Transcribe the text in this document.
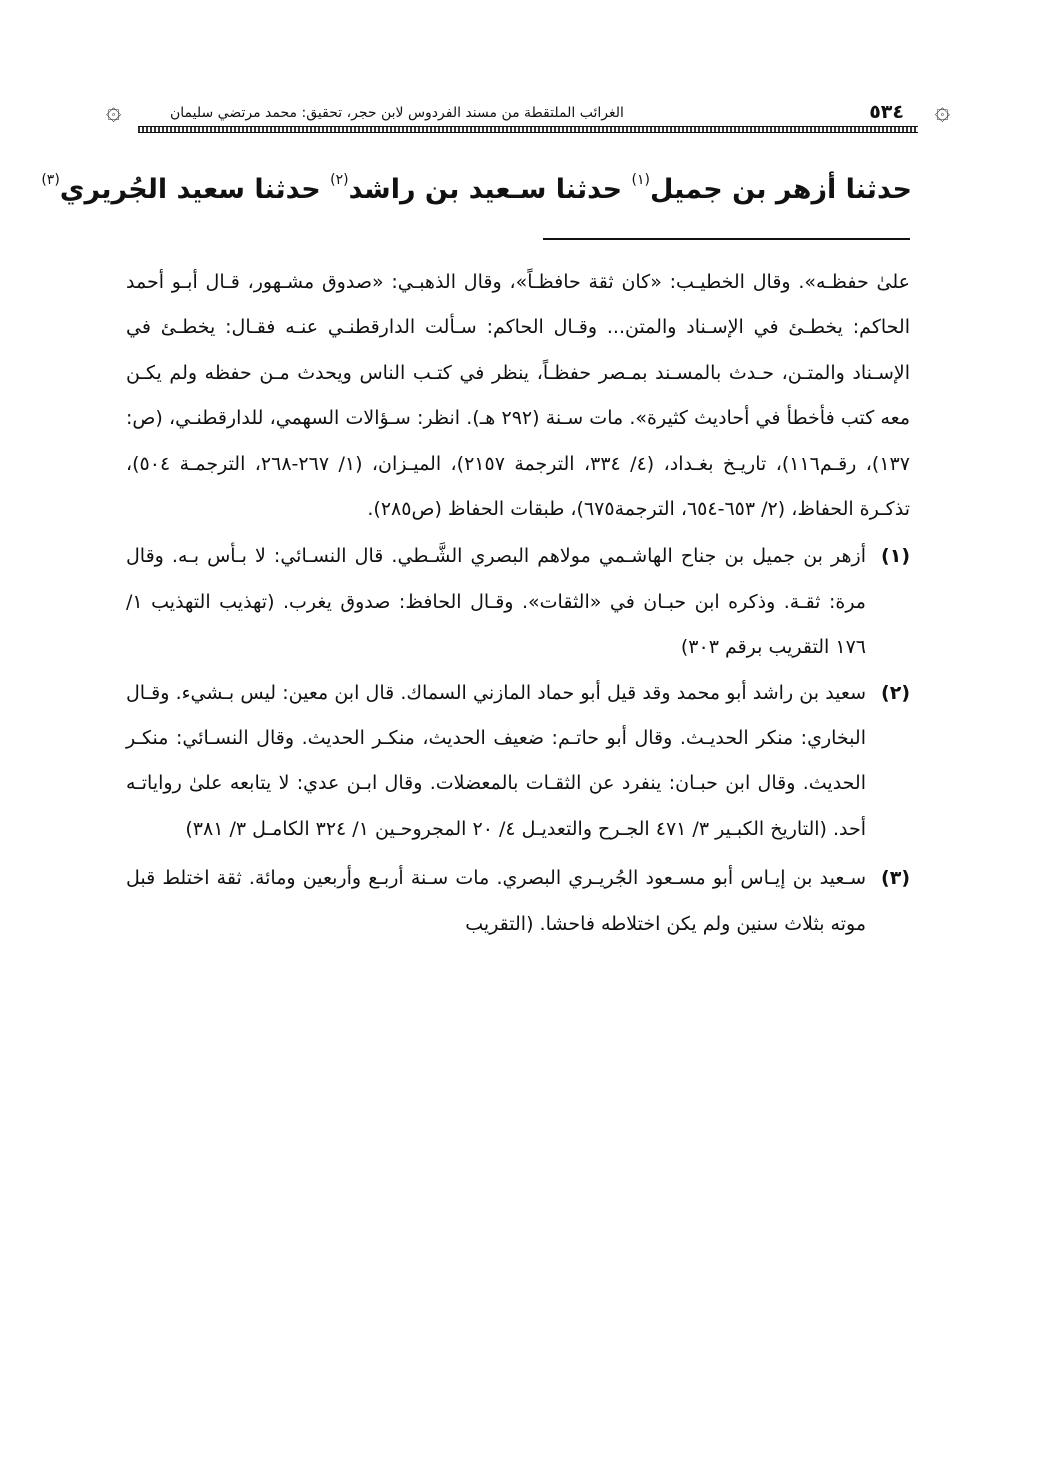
۞
٥٣٤
الغرائب الملتقطة من مسند الفردوس لابن حجر، تحقيق: محمد مرتضي سليمان
۞
حدثنا أزهر بن جميل$^{(١)}$ حدثنا سـعيد بن راشد$^{(٢)}$ حدثنا سعيد الجُريري$^{(٣)}$

علىٰ حفظـه». وقال الخطيـب: «كان ثقة حافظـاً»، وقال الذهبـي: «صدوق مشـهور، قـال أبـو أحمد الحاكم: يخطـئ في الإسـناد والمتن... وقـال الحاكم: سـألت الدارقطنـي عنـه فقـال: يخطـئ في الإسـناد والمتـن، حـدث بالمسـند بمـصر حفظـاً، ينظر في كتـب الناس ويحدث مـن حفظه ولم يكـن معه كتب فأخطأ في أحاديث كثيرة». مات سـنة (٢٩٢ هـ). انظر: سـؤالات السهمي، للدارقطنـي، (ص: ١٣٧)، رقـم١١٦)، تاريـخ بغـداد، (٤/ ٣٣٤، الترجمة ٢١٥٧)، الميـزان، (١/ ٢٦٧-٢٦٨، الترجمـة ٥٠٤)، تذكـرة الحفاظ، (٢/ ٦٥٣-٦٥٤، الترجمة٦٧٥)، طبقات الحفاظ (ص٢٨٥).

(١)

أزهر بن جميل بن جناح الهاشـمي مولاهم البصري الشَّـطي. قال النسـائي: لا بـأس بـه. وقال مرة: ثقـة. وذكره ابن حبـان في «الثقات». وقـال الحافظ: صدوق يغرب. (تهذيب التهذيب ١/ ١٧٦ التقريب برقم ٣٠٣)

(٢)

سعيد بن راشد أبو محمد وقد قيل أبو حماد المازني السماك. قال ابن معين: ليس بـشيء. وقـال البخاري: منكر الحديـث. وقال أبو حاتـم: ضعيف الحديث، منكـر الحديث. وقال النسـائي: منكـر الحديث. وقال ابن حبـان: ينفرد عن الثقـات بالمعضلات. وقال ابـن عدي: لا يتابعه علىٰ رواياتـه أحد. (التاريخ الكبـير ٣/ ٤٧١ الجـرح والتعديـل ٤/ ٢٠ المجروحـين ١/ ٣٢٤ الكامـل ٣/ ٣٨١)

(٣)

سـعيد بن إيـاس أبو مسـعود الجُريـري البصري. مات سـنة أربـع وأربعين ومائة. ثقة اختلط قبل موته بثلاث سنين ولم يكن اختلاطه فاحشا. (التقريب
